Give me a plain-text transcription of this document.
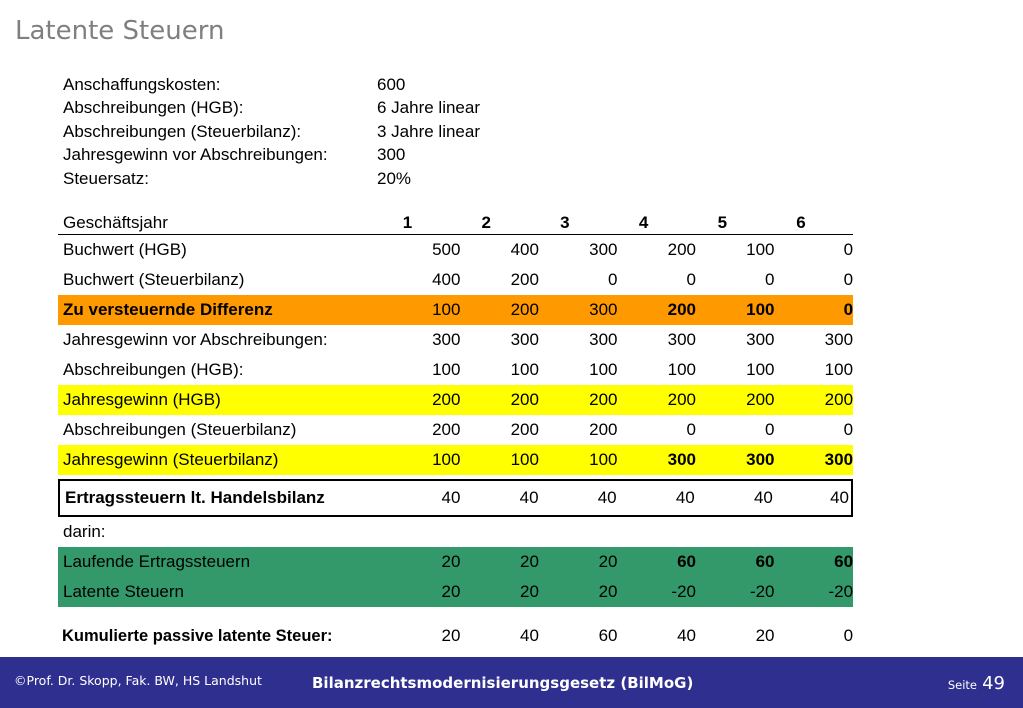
Latente Steuern
Anschaffungskosten:	600
Abschreibungen (HGB):	6 Jahre linear
Abschreibungen (Steuerbilanz):	3 Jahre linear
Jahresgewinn vor Abschreibungen:	300
Steuersatz:	20%
Geschäftsjahr	1	2	3	4	5	6
Buchwert (HGB)	500	400	300	200	100	0
Buchwert (Steuerbilanz)	400	200	0	0	0	0
Zu versteuernde Differenz	100	200	300	200	100	0
Jahresgewinn vor Abschreibungen:	300	300	300	300	300	300
Abschreibungen (HGB):	100	100	100	100	100	100
Jahresgewinn (HGB)	200	200	200	200	200	200
Abschreibungen (Steuerbilanz)	200	200	200	0	0	0
Jahresgewinn (Steuerbilanz)	100	100	100	300	300	300
Ertragssteuern lt. Handelsbilanz	40	40	40	40	40	40
darin:
Laufende Ertragssteuern	20	20	20	60	60	60
Latente Steuern	20	20	20	-20	-20	-20
Kumulierte passive latente Steuer:	20	40	60	40	20	0
©Prof. Dr. Skopp, Fak. BW, HS Landshut	Bilanzrechtsmodernisierungsgesetz (BilMoG)	Seite 49
